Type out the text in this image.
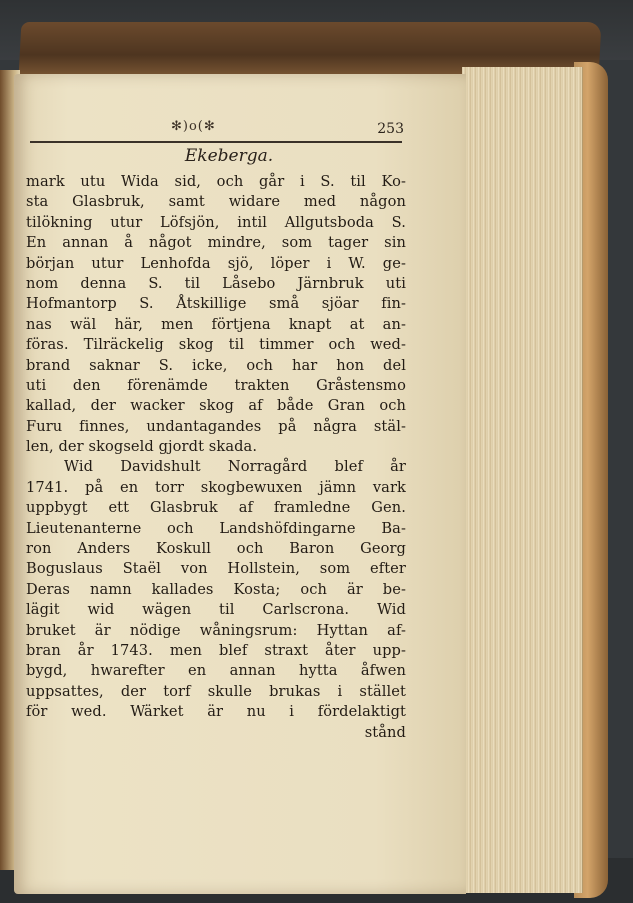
✻)o(✻	253
Ekeberga.
mark utu Wida sid, och går i S. til Ko-
sta Glasbruk, samt widare med någon
tilökning utur Löfsjön, intil Allgutsboda S.
En annan å något mindre, som tager sin
början utur Lenhofda sjö, löper i W. ge-
nom denna S. til Låsebo Järnbruk uti
Hofmantorp S. Åtskillige små sjöar fin-
nas wäl här, men förtjena knapt at an-
föras. Tilräckelig skog til timmer och wed-
brand saknar S. icke, och har hon del
uti den förenämde trakten Gråstensmo
kallad, der wacker skog af både Gran och
Furu finnes, undantagandes på några stäl-
len, der skogseld gjordt skada.
Wid Davidshult Norragård blef år
1741. på en torr skogbewuxen jämn vark
uppbygt ett Glasbruk af framledne Gen.
Lieutenanterne och Landshöfdingarne Ba-
ron Anders Koskull och Baron Georg
Boguslaus Staël von Hollstein, som efter
Deras namn kallades Kosta; och är be-
lägit wid wägen til Carlscrona. Wid
bruket är nödige wåningsrum: Hyttan af-
bran år 1743. men blef straxt åter upp-
bygd, hwarefter en annan hytta åfwen
uppsattes, der torf skulle brukas i stället
för wed. Wärket är nu i fördelaktigt
stånd
